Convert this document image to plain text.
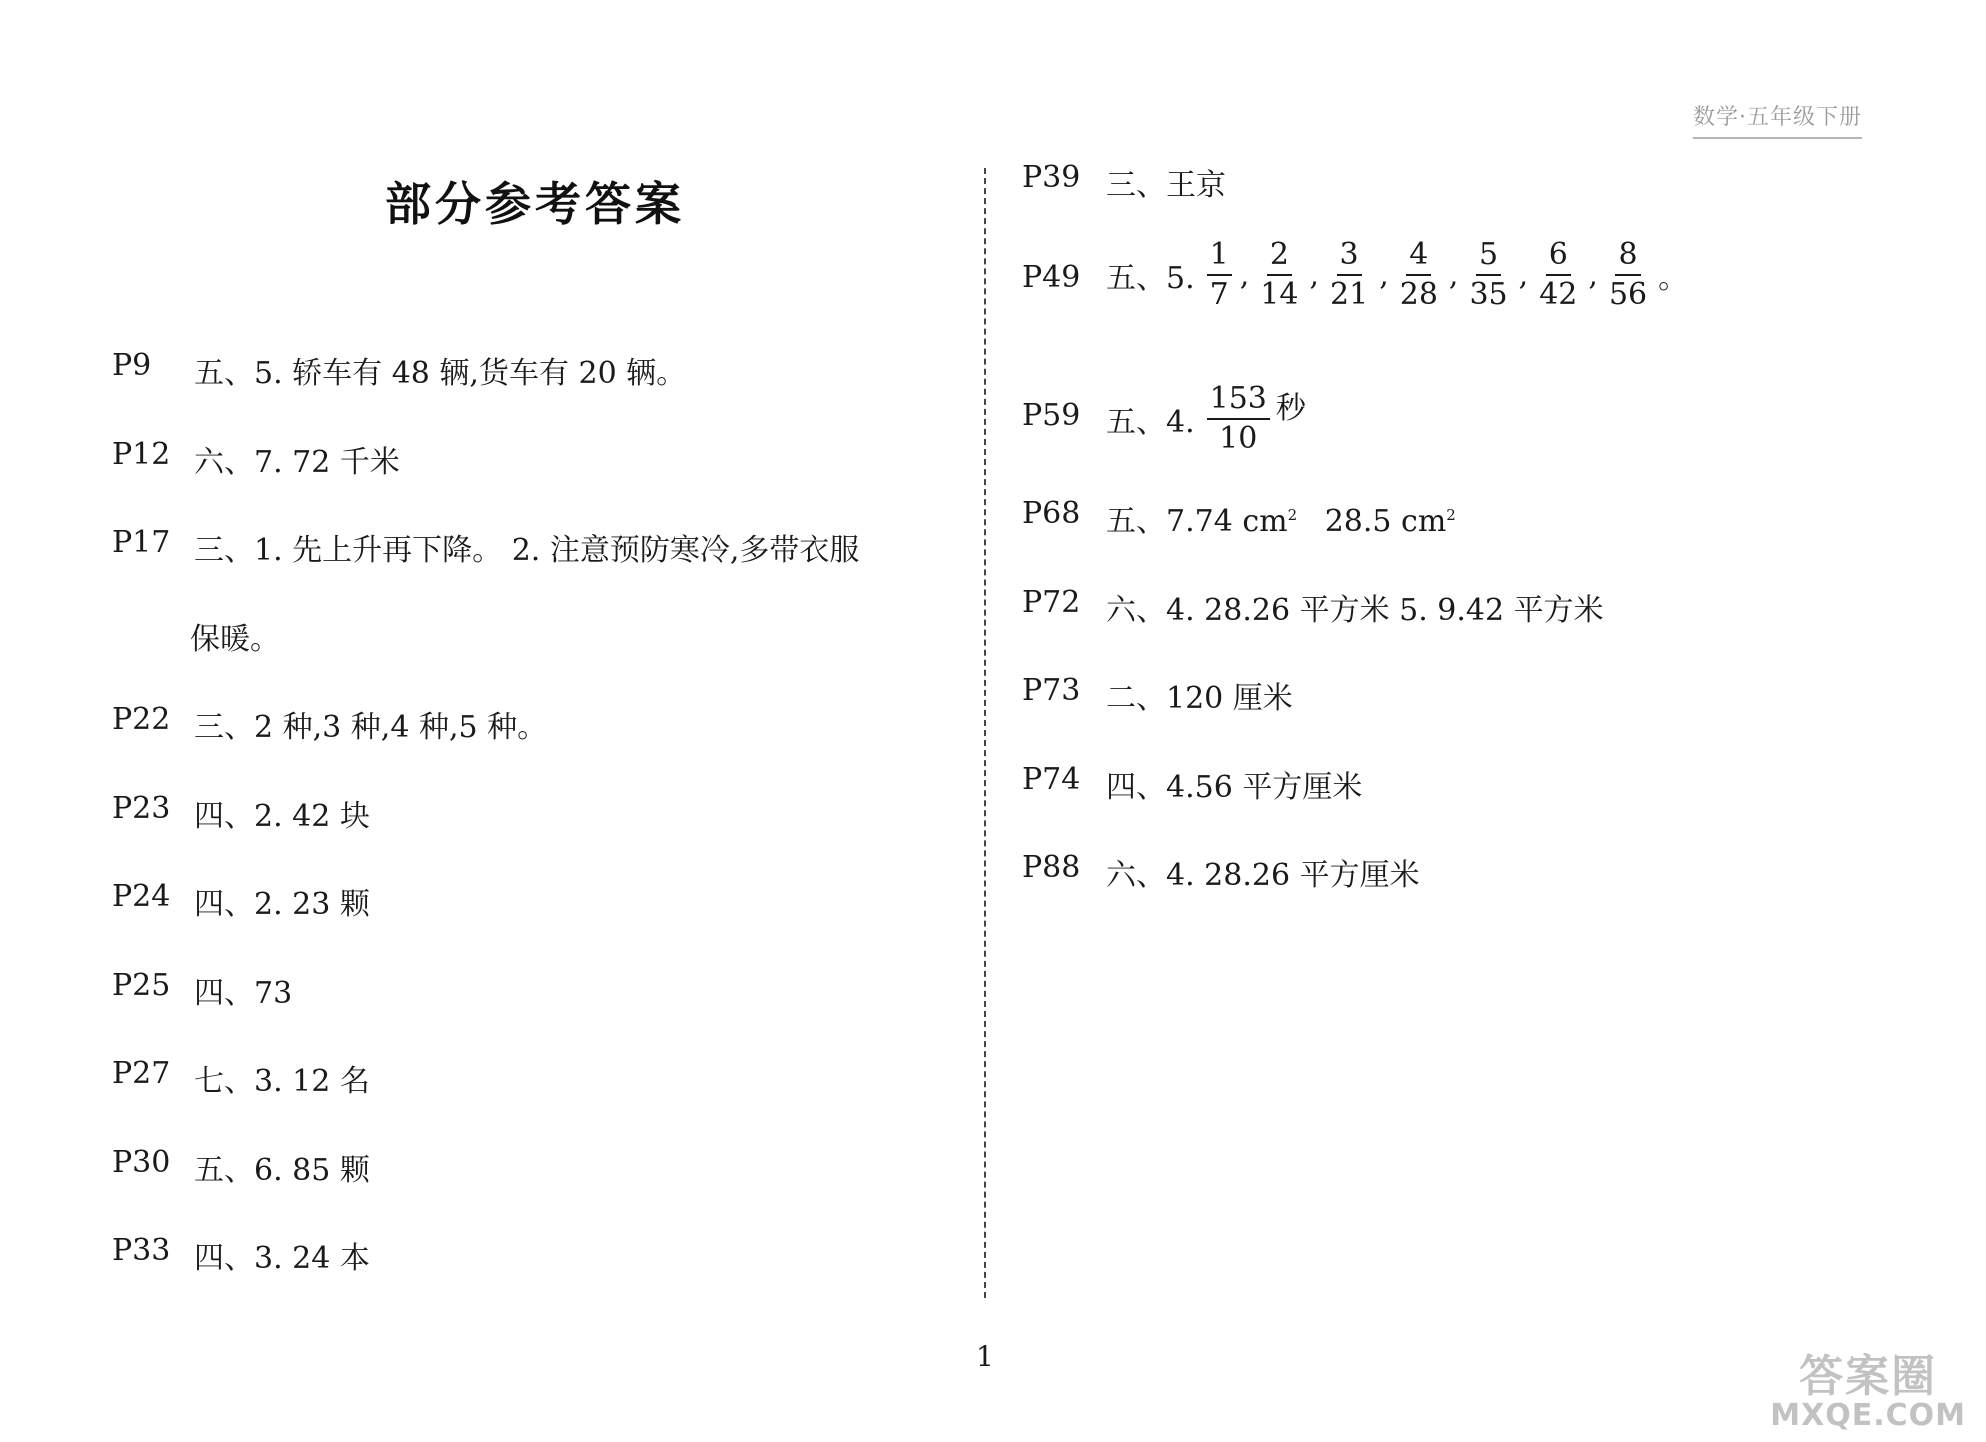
数学·五年级下册
部分参考答案
P9 五、5. 轿车有 48 辆,货车有 20 辆。
P12 六、7. 72 千米
P17 三、1. 先上升再下降。 2. 注意预防寒冷,多带衣服
保暖。
P22 三、2 种,3 种,4 种,5 种。
P23 四、2. 42 块
P24 四、2. 23 颗
P25 四、73
P27 七、3. 12 名
P30 五、6. 85 颗
P33 四、3. 24 本
P39 三、王京
P49 五、5. $\frac{1}{7}$ , $\frac{2}{14}$ , $\frac{3}{21}$ , $\frac{4}{28}$ , $\frac{5}{35}$ , $\frac{6}{42}$ , $\frac{8}{56}$ 。
P59 五、4. $\frac{153}{10}$ 秒
P68 五、7.74 $cm^2$ 28.5 $cm^2$
P72 六、4. 28.26 平方米 5. 9.42 平方米
P73 二、120 厘米
P74 四、4.56 平方厘米
P88 六、4. 28.26 平方厘米
1	答案圈
MXQE.COM
